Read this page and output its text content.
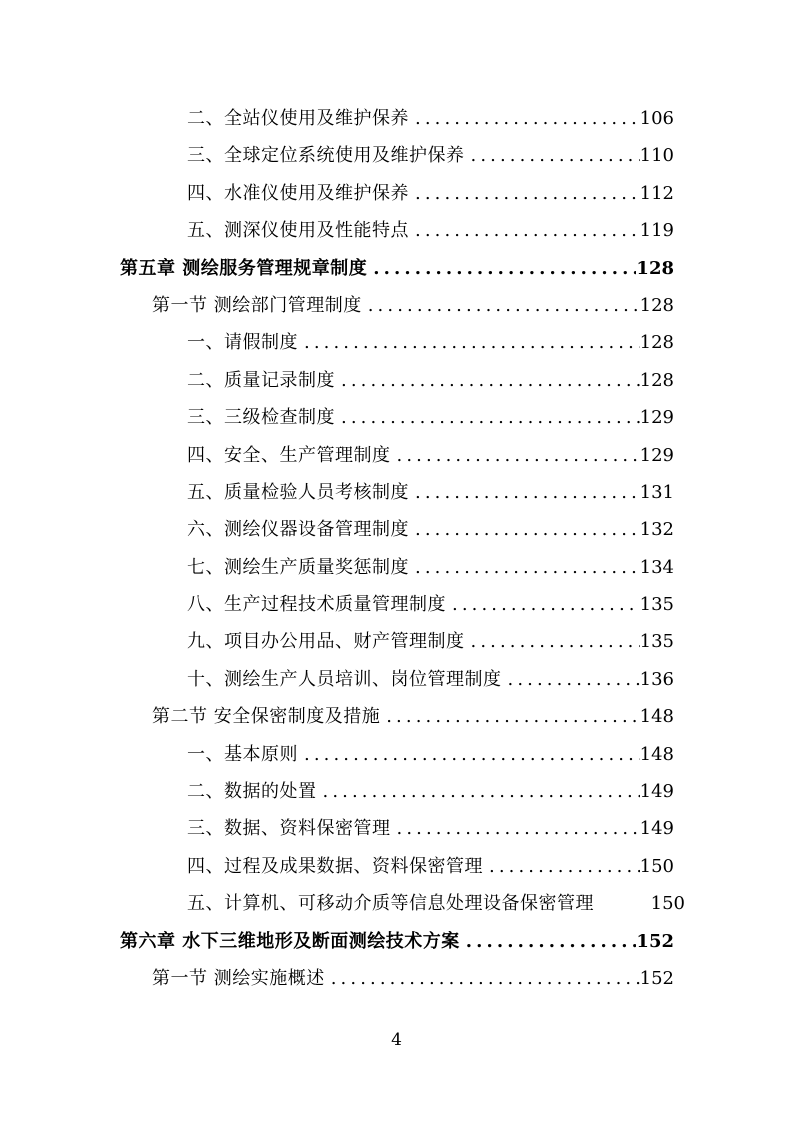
二、全站仪使用及维护保养 .....	106
三、全球定位系统使用及维护保养 .....	110
四、水准仪使用及维护保养 .....	112
五、测深仪使用及性能特点 .....	119
第五章 测绘服务管理规章制度 .....	128
第一节 测绘部门管理制度 .....	128
一、请假制度 .....	128
二、质量记录制度 .....	128
三、三级检查制度 .....	129
四、安全、生产管理制度 .....	129
五、质量检验人员考核制度 .....	131
六、测绘仪器设备管理制度 .....	132
七、测绘生产质量奖惩制度 .....	134
八、生产过程技术质量管理制度 .....	135
九、项目办公用品、财产管理制度 .....	135
十、测绘生产人员培训、岗位管理制度 .....	136
第二节 安全保密制度及措施 .....	148
一、基本原则 .....	148
二、数据的处置 .....	149
三、数据、资料保密管理 .....	149
四、过程及成果数据、资料保密管理 .....	150
五、计算机、可移动介质等信息处理设备保密管理	150
第六章 水下三维地形及断面测绘技术方案 .....	152
第一节 测绘实施概述 .....	152
4
